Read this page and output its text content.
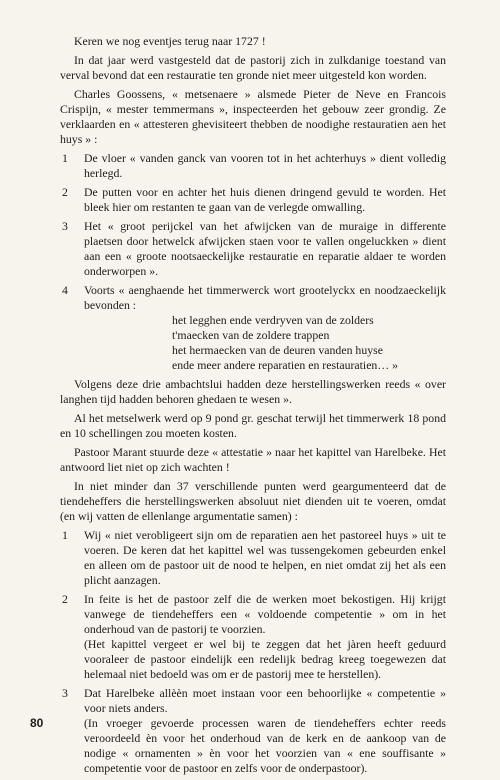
Keren we nog eventjes terug naar 1727 !

In dat jaar werd vastgesteld dat de pastorij zich in zulkdanige toestand van verval bevond dat een restauratie ten gronde niet meer uitgesteld kon worden.

Charles Goossens, « metsenaere » alsmede Pieter de Neve en Francois Crispijn, « mester temmermans », inspecteerden het gebouw zeer grondig. Ze verklaarden en « attesteren ghevisiteert thebben de noodighe restauratien aen het huys » :

1	De vloer « vanden ganck van vooren tot in het achterhuys » dient volledig herlegd.
2	De putten voor en achter het huis dienen dringend gevuld te worden. Het bleek hier om restanten te gaan van de verlegde omwalling.
3	Het « groot perijckel van het afwijcken van de muraige in differente plaetsen door hetwelck afwijcken staen voor te vallen ongeluckken » dient aan een « groote nootsaeckelijke restauratie en reparatie aldaer te worden onderworpen ».
4	Voorts « aenghaende het timmerwerck wort grootelyckx en noodzaeckelijk bevonden :
het legghen ende verdryven van de zolders
t'maecken van de zoldere trappen
het hermaecken van de deuren vanden huyse
ende meer andere reparatien en restauratien… »

Volgens deze drie ambachtslui hadden deze herstellingswerken reeds « over langhen tijd hadden behoren ghedaen te wesen ».

Al het metselwerk werd op 9 pond gr. geschat terwijl het timmerwerk 18 pond en 10 schellingen zou moeten kosten.

Pastoor Marant stuurde deze « attestatie » naar het kapittel van Harelbeke. Het antwoord liet niet op zich wachten !

In niet minder dan 37 verschillende punten werd geargumenteerd dat de tiendeheffers die herstellingswerken absoluut niet dienden uit te voeren, omdat (en wij vatten de ellenlange argumentatie samen) :

1	Wij « niet verobligeert sijn om de reparatien aen het pastoreel huys » uit te voeren. De keren dat het kapittel wel was tussengekomen gebeurden enkel en alleen om de pastoor uit de nood te helpen, en niet omdat zij het als een plicht aanzagen.
2	In feite is het de pastoor zelf die de werken moet bekostigen. Hij krijgt vanwege de tiendeheffers een « voldoende competentie » om in het onderhoud van de pastorij te voorzien.
(Het kapittel vergeet er wel bij te zeggen dat het jàren heeft geduurd vooraleer de pastoor eindelijk een redelijk bedrag kreeg toegewezen dat helemaal niet bedoeld was om er de pastorij mee te herstellen).
3	Dat Harelbeke allèèn moet instaan voor een behoorlijke « competentie » voor niets anders.
(In vroeger gevoerde processen waren de tiendeheffers echter reeds veroordeeld èn voor het onderhoud van de kerk en de aankoop van de nodige « ornamenten » èn voor het voorzien van « ene souffisante » competentie voor de pastoor en zelfs voor de onderpastoor).
80
